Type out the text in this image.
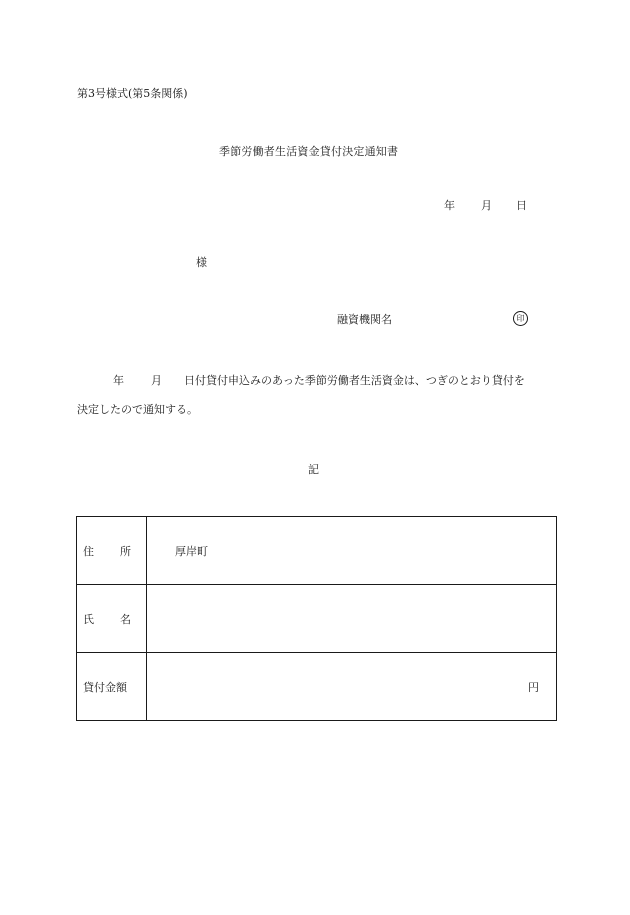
第3号様式(第5条関係)
季節労働者生活資金貸付決定通知書
年 月 日
様
融資機関名	印
年 月 日付貸付申込みのあった季節労働者生活資金は、つぎのとおり貸付を
決定したので通知する。
記
住 所	厚岸町

氏 名	

貸付金額	円
